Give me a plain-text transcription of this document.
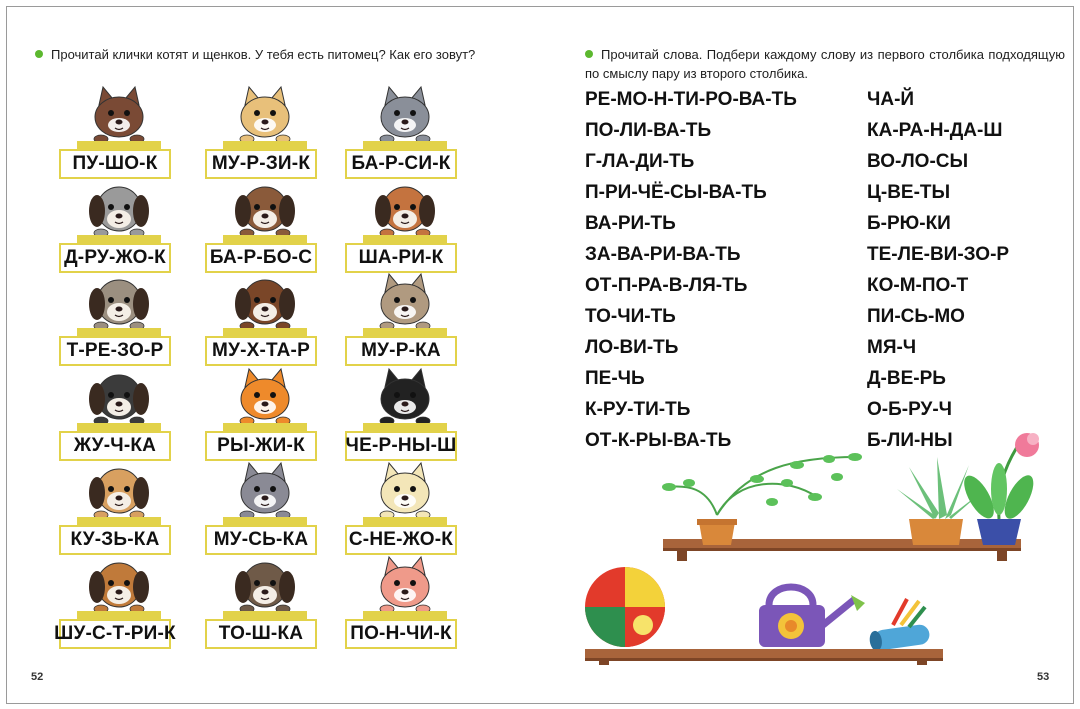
Прочитай клички котят и щенков. У тебя есть питомец? Как его зовут?
ПУ-ШО-К	МУ-Р-ЗИ-К	БА-Р-СИ-К
Д-РУ-ЖО-К БА-Р-БО-С	ША-РИ-К
Т-РЕ-ЗО-Р	МУ-Х-ТА-Р	МУ-Р-КА
ЖУ-Ч-КА	РЫ-ЖИ-К	ЧЕ-Р-НЫ-Ш
КУ-ЗЬ-КА	МУ-СЬ-КА	С-НЕ-ЖО-К
ШУ-С-Т-РИ-К	ТО-Ш-КА	ПО-Н-ЧИ-К
52
Прочитай слова. Подбери каждому слову из первого столбика подходящую по смыслу пару из второго столбика.
РЕ-МО-Н-ТИ-РО-ВА-ТЬ
ПО-ЛИ-ВА-ТЬ
Г-ЛА-ДИ-ТЬ
П-РИ-ЧЁ-СЫ-ВА-ТЬ
ВА-РИ-ТЬ
ЗА-ВА-РИ-ВА-ТЬ
ОТ-П-РА-В-ЛЯ-ТЬ
ТО-ЧИ-ТЬ
ЛО-ВИ-ТЬ
ПЕ-ЧЬ
К-РУ-ТИ-ТЬ
ОТ-К-РЫ-ВА-ТЬ
ЧА-Й
КА-РА-Н-ДА-Ш
ВО-ЛО-СЫ
Ц-ВЕ-ТЫ
Б-РЮ-КИ
ТЕ-ЛЕ-ВИ-ЗО-Р
КО-М-ПО-Т
ПИ-СЬ-МО
МЯ-Ч
Д-ВЕ-РЬ
О-Б-РУ-Ч
Б-ЛИ-НЫ
53
